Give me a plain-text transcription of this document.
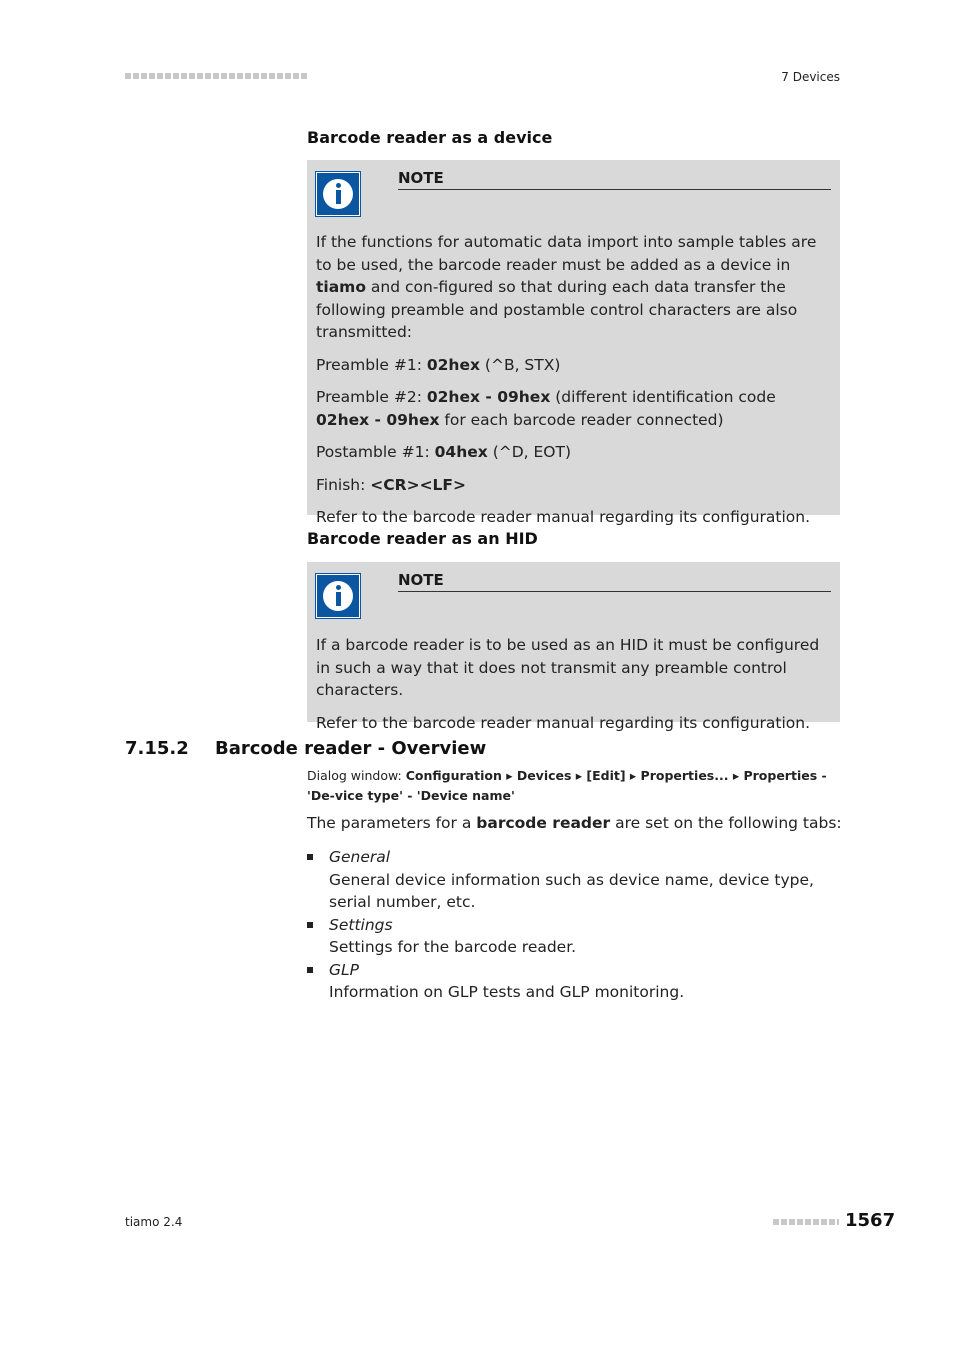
7 Devices
Barcode reader as a device
NOTE

If the functions for automatic data import into sample tables are to be used, the barcode reader must be added as a device in tiamo and con-figured so that during each data transfer the following preamble and postamble control characters are also transmitted:

Preamble #1: 02hex (^B, STX)

Preamble #2: 02hex - 09hex (different identification code 02hex - 09hex for each barcode reader connected)

Postamble #1: 04hex (^D, EOT)

Finish: <CR><LF>

Refer to the barcode reader manual regarding its configuration.

Barcode reader as an HID
NOTE

If a barcode reader is to be used as an HID it must be configured in such a way that it does not transmit any preamble control characters.

Refer to the barcode reader manual regarding its configuration.

7.15.2 Barcode reader - Overview
Dialog window: Configuration ▸ Devices ▸ [Edit] ▸ Properties... ▸ Properties - 'De-vice type' - 'Device name'
The parameters for a barcode reader are set on the following tabs:
General
General device information such as device name, device type, serial number, etc.
Settings
Settings for the barcode reader.
GLP
Information on GLP tests and GLP monitoring.
tiamo 2.4	1567
